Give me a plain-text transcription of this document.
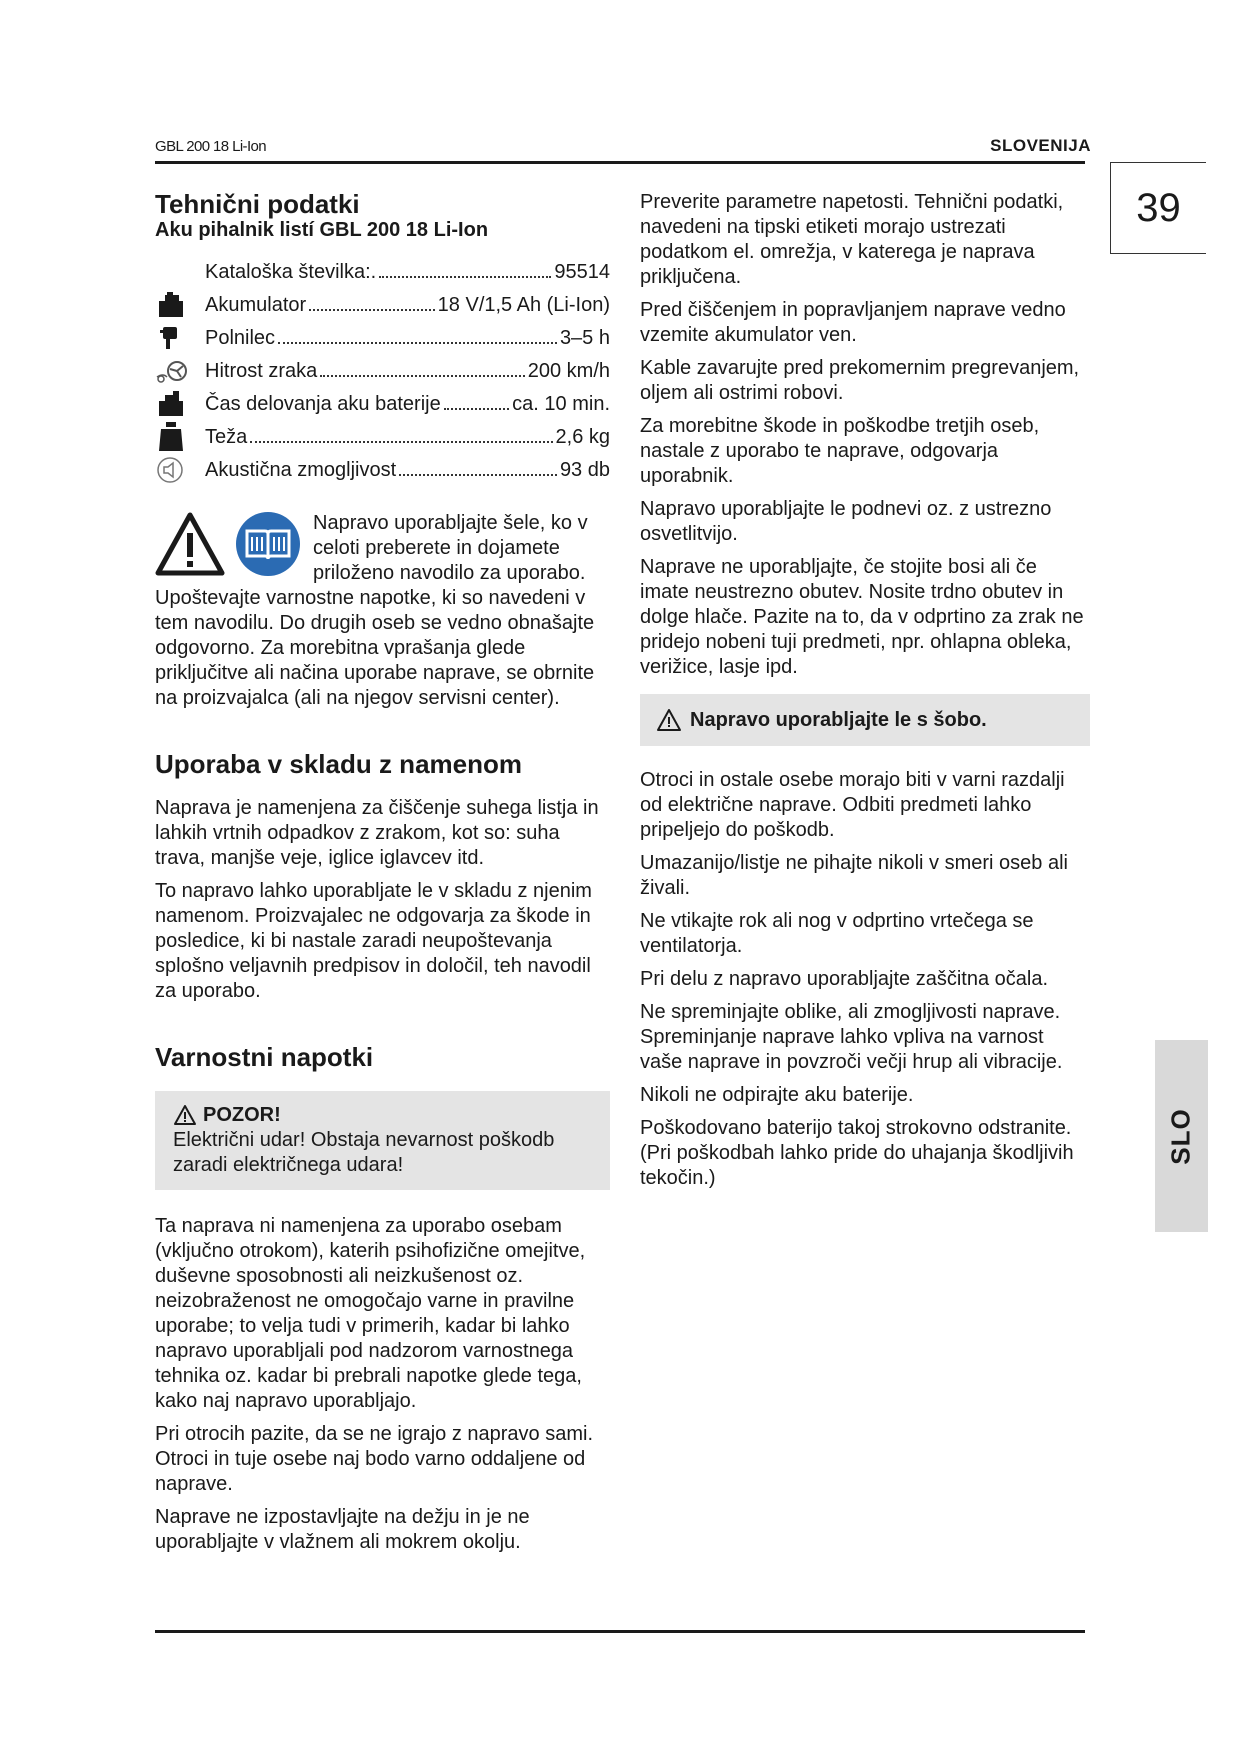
GBL 200 18 Li-Ion	SLOVENIJA
39
SLO
Tehnični podatki
Aku pihalnik listí GBL 200 18 Li-Ion
Kataloška številka:.	95514
Akumulator	18 V/1,5 Ah (Li-Ion)
Polnilec	3–5 h
Hitrost zraka	200 km/h
Čas delovanja aku baterije	ca. 10 min.
Teža	2,6 kg
Akustična zmogljivost	93 db
Napravo uporabljajte šele, ko v celoti preberete in dojamete priloženo navodilo za uporabo.

Upoštevajte varnostne napotke, ki so navedeni v tem navodilu. Do drugih oseb se vedno obnašajte odgovorno. Za morebitna vprašanja glede priključitve ali načina uporabe naprave, se obrnite na proizvajalca (ali na njegov servisni center).

Uporaba v skladu z namenom

Naprava je namenjena za čiščenje suhega listja in lahkih vrtnih odpadkov z zrakom, kot so: suha trava, manjše veje, iglice iglavcev itd.

To napravo lahko uporabljate le v skladu z njenim namenom. Proizvajalec ne odgovarja za škode in posledice, ki bi nastale zaradi neupoštevanja splošno veljavnih predpisov in določil, teh navodil za uporabo.

Varnostni napotki
POZOR!
Električni udar! Obstaja nevarnost poškodb zaradi električnega udara!

Ta naprava ni namenjena za uporabo osebam (vključno otrokom), katerih psihofizične omejitve, duševne sposobnosti ali neizkušenost oz. neizobraženost ne omogočajo varne in pravilne uporabe; to velja tudi v primerih, kadar bi lahko napravo uporabljali pod nadzorom varnostnega tehnika oz. kadar bi prebrali napotke glede tega, kako naj napravo uporabljajo.

Pri otrocih pazite, da se ne igrajo z napravo sami. Otroci in tuje osebe naj bodo varno oddaljene od naprave.

Naprave ne izpostavljajte na dežju in je ne uporabljajte v vlažnem ali mokrem okolju.

Preverite parametre napetosti. Tehnični podatki, navedeni na tipski etiketi morajo ustrezati podatkom el. omrežja, v katerega je naprava priključena.

Pred čiščenjem in popravljanjem naprave vedno vzemite akumulator ven.

Kable zavarujte pred prekomernim pregrevanjem, oljem ali ostrimi robovi.

Za morebitne škode in poškodbe tretjih oseb, nastale z uporabo te naprave, odgovarja uporabnik.

Napravo uporabljajte le podnevi oz. z ustrezno osvetlitvijo.

Naprave ne uporabljajte, če stojite bosi ali če imate neustrezno obutev. Nosite trdno obutev in dolge hlače. Pazite na to, da v odprtino za zrak ne pridejo nobeni tuji predmeti, npr. ohlapna obleka, verižice, lasje ipd.

Napravo uporabljajte le s šobo.

Otroci in ostale osebe morajo biti v varni razdalji od električne naprave. Odbiti predmeti lahko pripeljejo do poškodb.

Umazanijo/listje ne pihajte nikoli v smeri oseb ali živali.

Ne vtikajte rok ali nog v odprtino vrtečega se ventilatorja.

Pri delu z napravo uporabljajte zaščitna očala.

Ne spreminjajte oblike, ali zmogljivosti naprave. Spreminjanje naprave lahko vpliva na varnost vaše naprave in povzroči večji hrup ali vibracije.

Nikoli ne odpirajte aku baterije.

Poškodovano baterijo takoj strokovno odstranite. (Pri poškodbah lahko pride do uhajanja škodljivih tekočin.)
